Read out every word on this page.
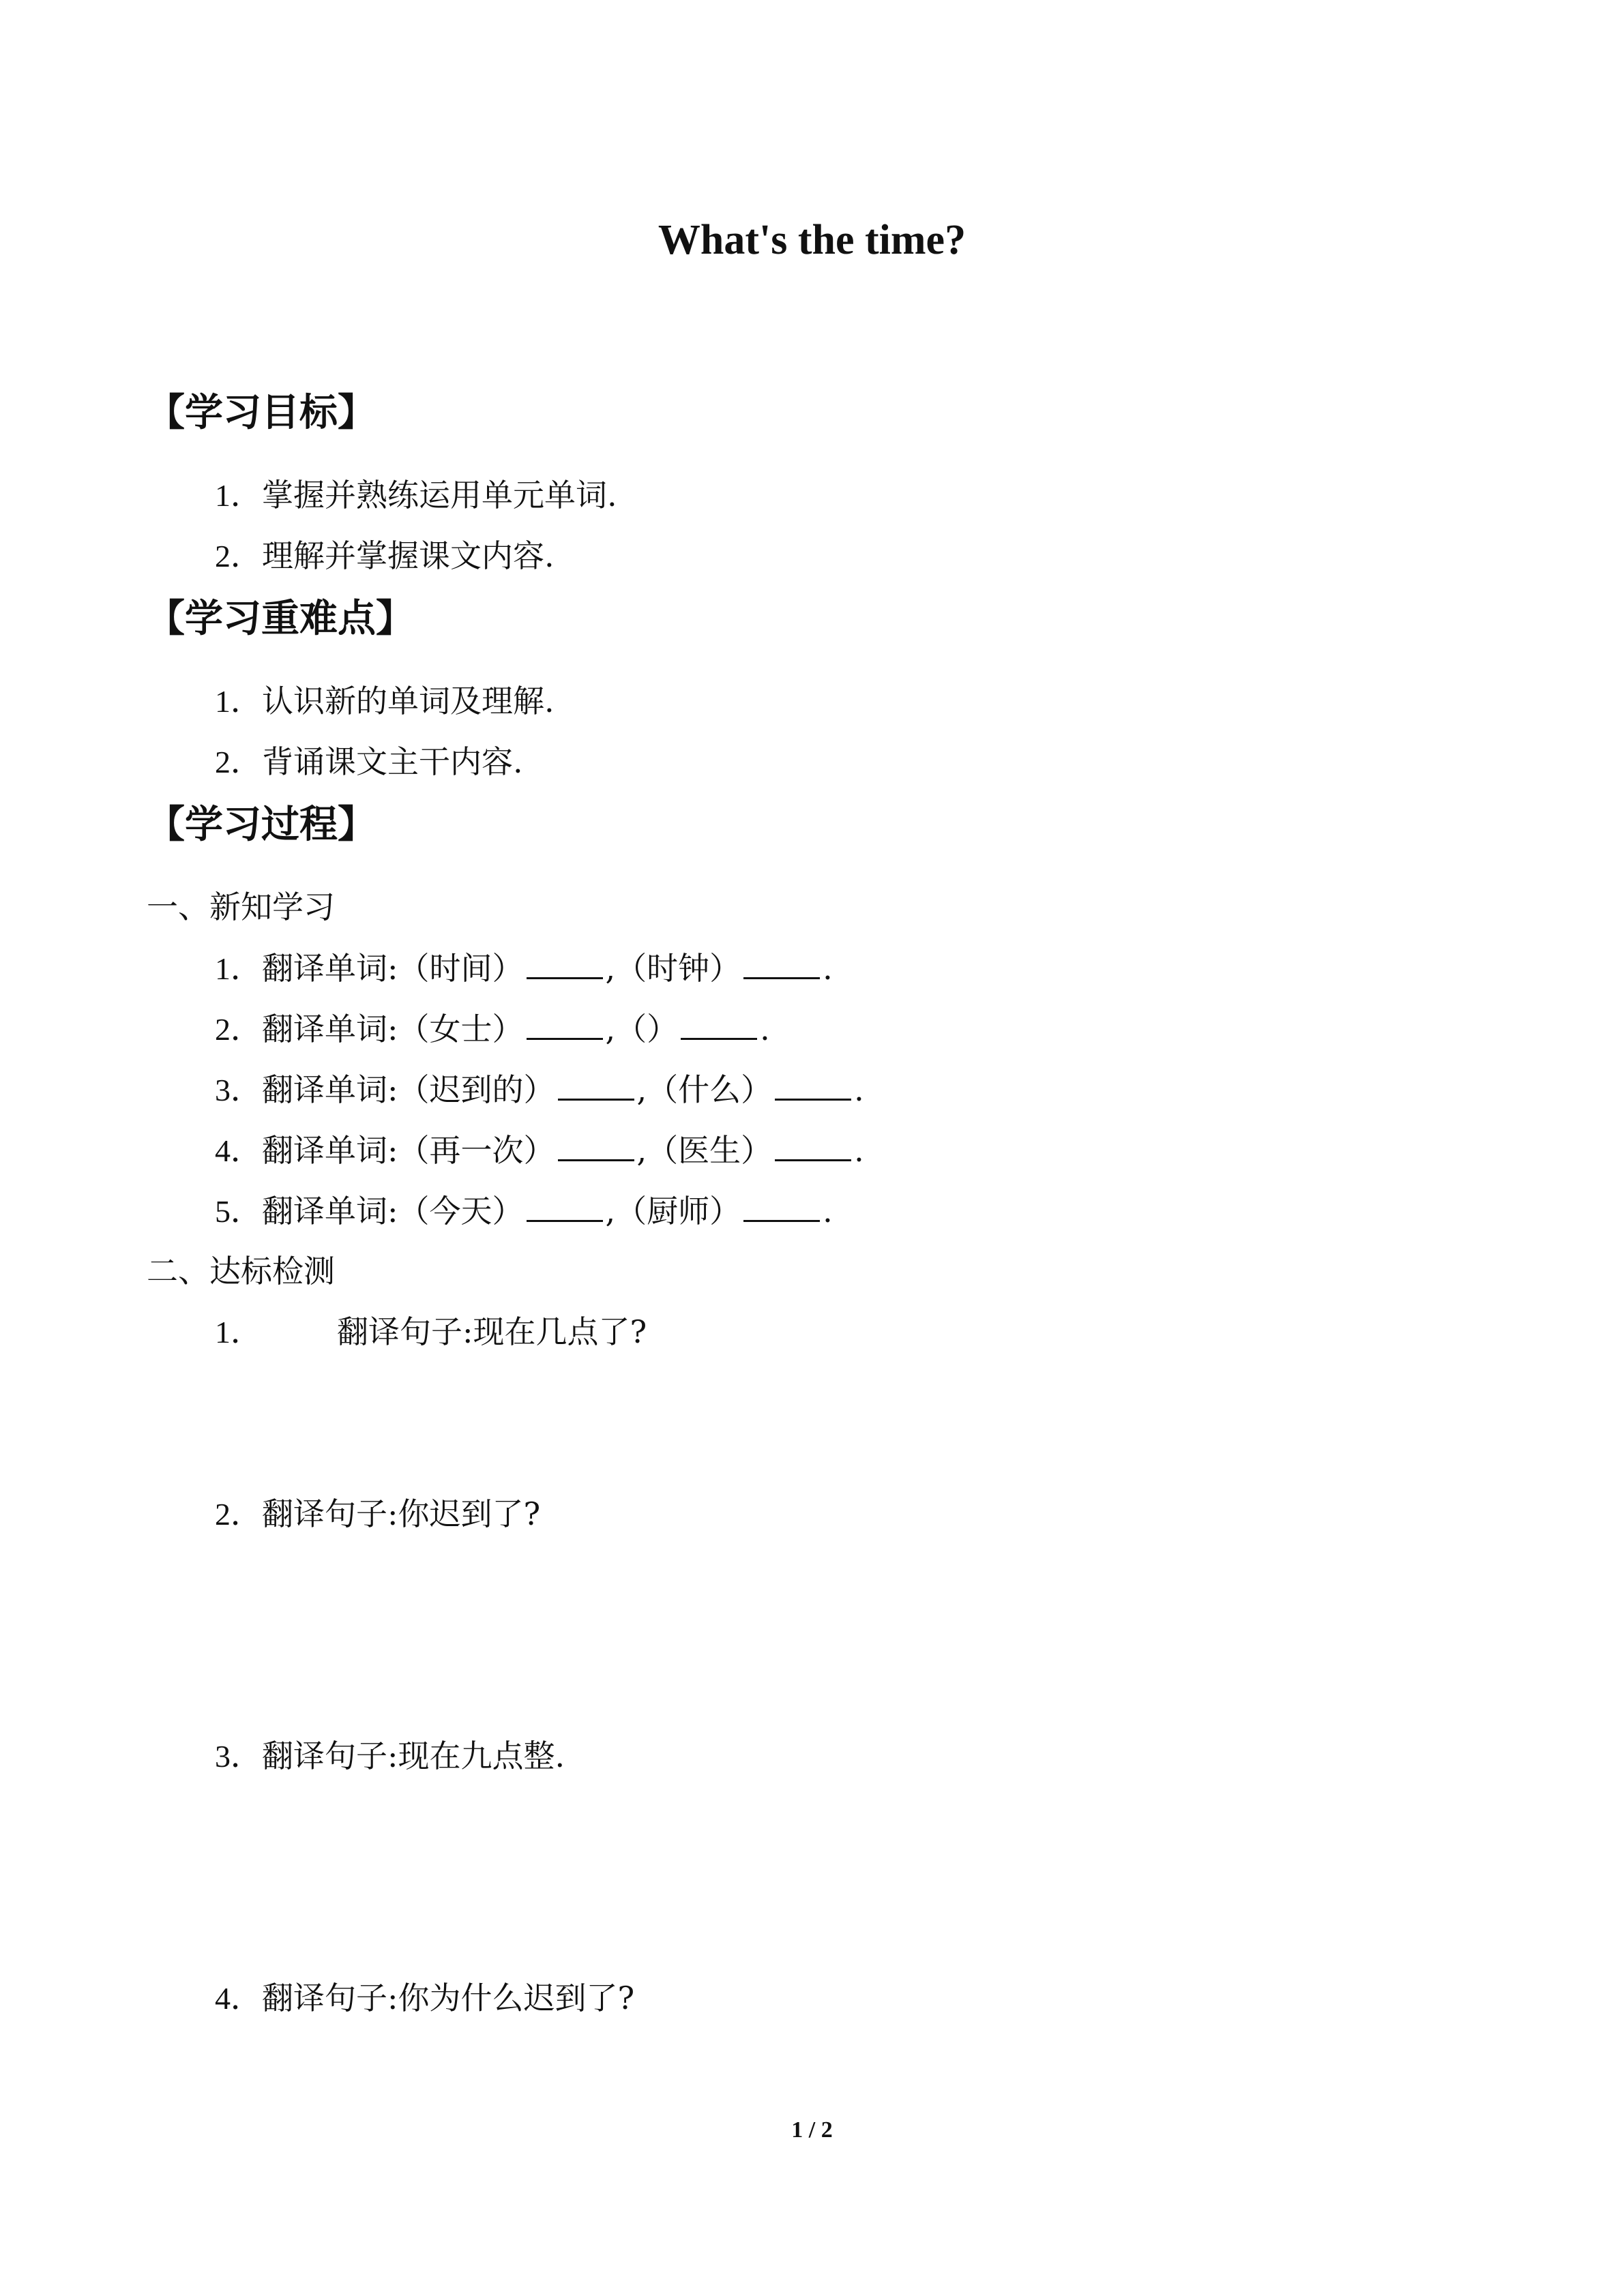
What's the time?
【学习目标】
1．掌握并熟练运用单元单词.
2．理解并掌握课文内容.
【学习重难点】
1．认识新的单词及理解.
2．背诵课文主干内容.
【学习过程】
一、新知学习
1．翻译单词:（时间）	,（时钟）	.
2．翻译单词:（女士）	,（）	.
3．翻译单词:（迟到的）	,（什么）	.
4．翻译单词:（再一次）	,（医生）	.
5．翻译单词:（今天）	,（厨师）	.
二、达标检测
1． 翻译句子:现在几点了?
2．翻译句子:你迟到了?
3．翻译句子:现在九点整.
4．翻译句子:你为什么迟到了?
1 / 2
